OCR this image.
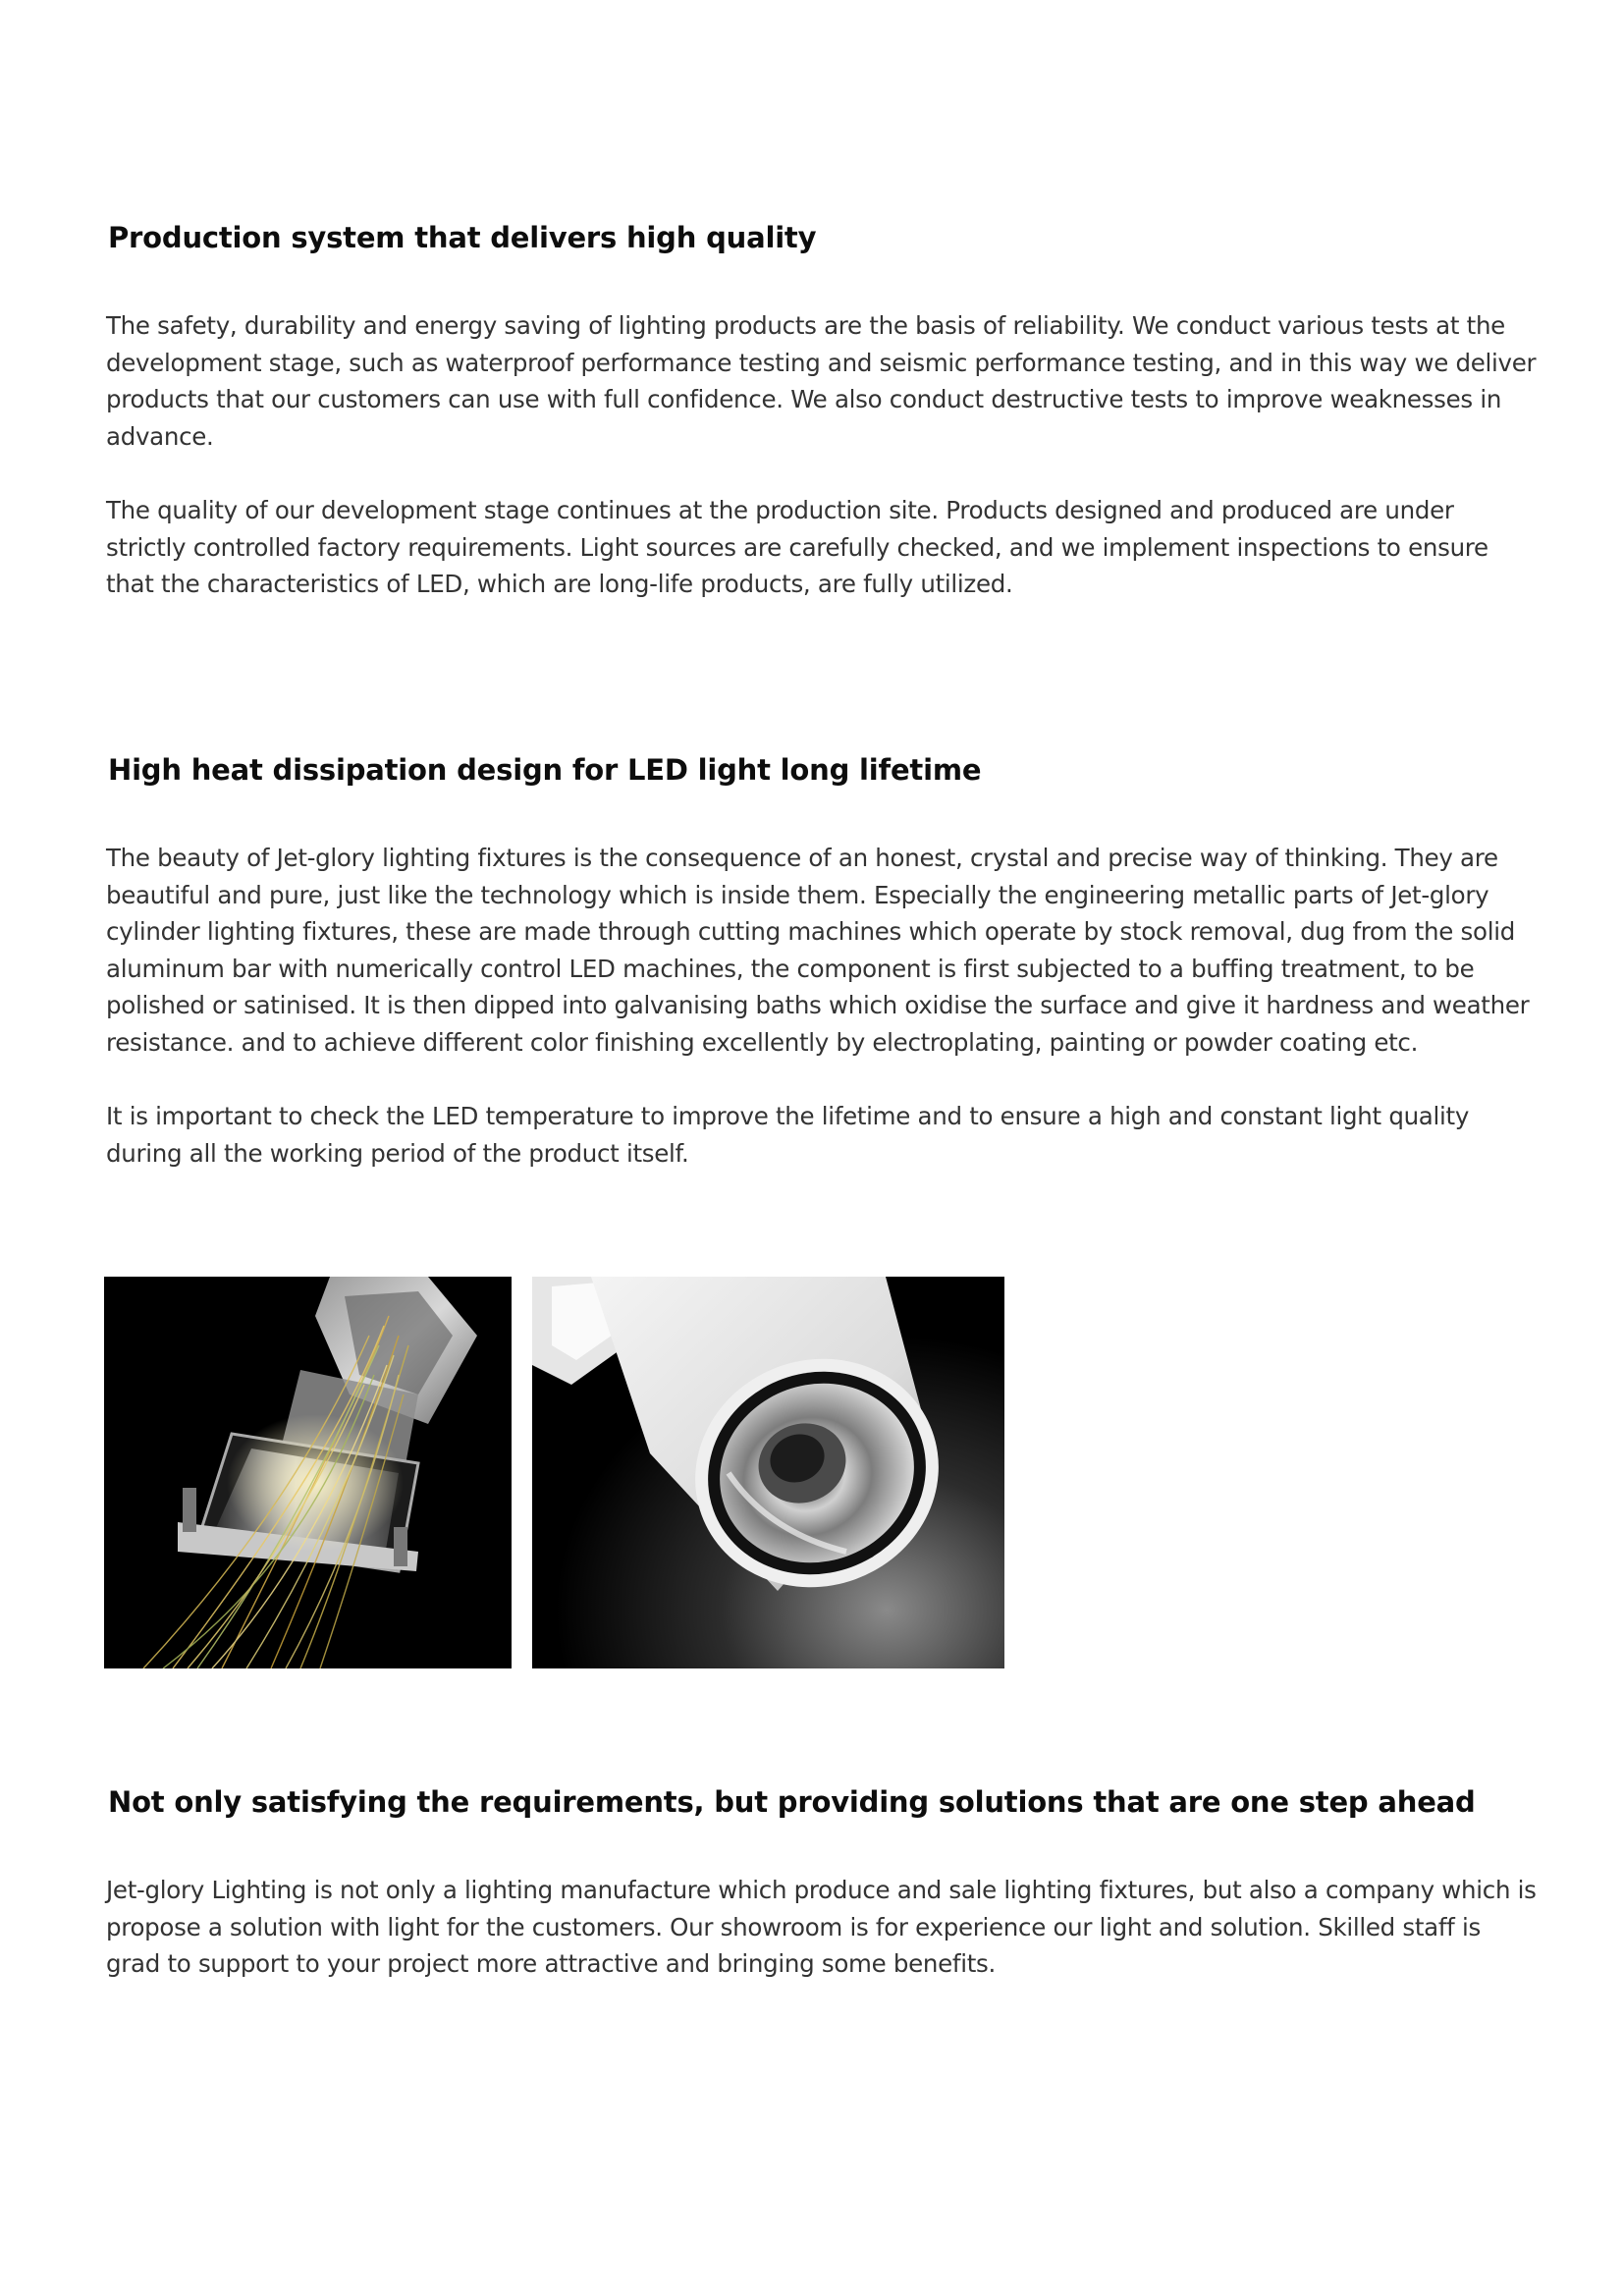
Production system that delivers high quality

The safety, durability and energy saving of lighting products are the basis of reliability. We conduct various tests at the development stage, such as waterproof performance testing and seismic performance testing, and in this way we deliver products that our customers can use with full confidence. We also conduct destructive tests to improve weaknesses in advance.

The quality of our development stage continues at the production site. Products designed and produced are under strictly controlled factory requirements. Light sources are carefully checked, and we implement inspections to ensure that the characteristics of LED, which are long-life products, are fully utilized.

High heat dissipation design for LED light long lifetime

The beauty of Jet-glory lighting fixtures is the consequence of an honest, crystal and precise way of thinking. They are beautiful and pure, just like the technology which is inside them. Especially the engineering metallic parts of Jet-glory cylinder lighting fixtures, these are made through cutting machines which operate by stock removal, dug from the solid aluminum bar with numerically control LED machines, the component is first subjected to a buffing treatment, to be polished or satinised. It is then dipped into galvanising baths which oxidise the surface and give it hardness and weather resistance. and to achieve different color finishing excellently by electroplating, painting or powder coating etc.

It is important to check the LED temperature to improve the lifetime and to ensure a high and constant light quality during all the working period of the product itself.

Not only satisfying the requirements, but providing solutions that are one step ahead

Jet-glory Lighting is not only a lighting manufacture which produce and sale lighting fixtures, but also a company which is propose a solution with light for the customers. Our showroom is for experience our light and solution. Skilled staff is grad to support to your project more attractive and bringing some benefits.
